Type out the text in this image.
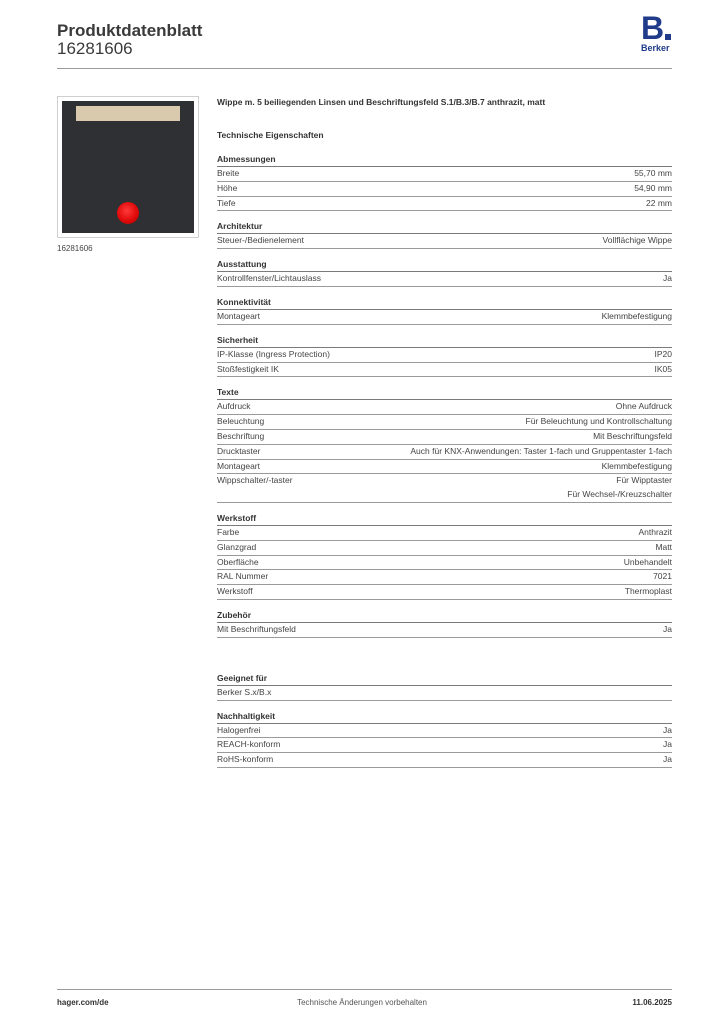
Produktdatenblatt
16281606
B
Berker
16281606
Wippe m. 5 beiliegenden Linsen und Beschriftungsfeld S.1/B.3/B.7 anthrazit, matt
Technische Eigenschaften
Abmessungen
Breite	55,70 mm
Höhe	54,90 mm
Tiefe	22 mm
Architektur
Steuer-/Bedienelement	Vollflächige Wippe
Ausstattung
Kontrollfenster/Lichtauslass	Ja
Konnektivität
Montageart	Klemmbefestigung
Sicherheit
IP-Klasse (Ingress Protection)	IP20
Stoßfestigkeit IK	IK05
Texte
Aufdruck	Ohne Aufdruck
Beleuchtung	Für Beleuchtung und Kontrollschaltung
Beschriftung	Mit Beschriftungsfeld
Drucktaster	Auch für KNX-Anwendungen: Taster 1-fach und Gruppentaster 1-fach
Montageart	Klemmbefestigung
Wippschalter/-taster	Für Wipptaster
Für Wechsel-/Kreuzschalter
Werkstoff
Farbe	Anthrazit
Glanzgrad	Matt
Oberfläche	Unbehandelt
RAL Nummer	7021
Werkstoff	Thermoplast
Zubehör
Mit Beschriftungsfeld	Ja
Geeignet für
Berker S.x/B.x
Nachhaltigkeit
Halogenfrei	Ja
REACH-konform	Ja
RoHS-konform	Ja
hager.com/de	Technische Änderungen vorbehalten	11.06.2025
